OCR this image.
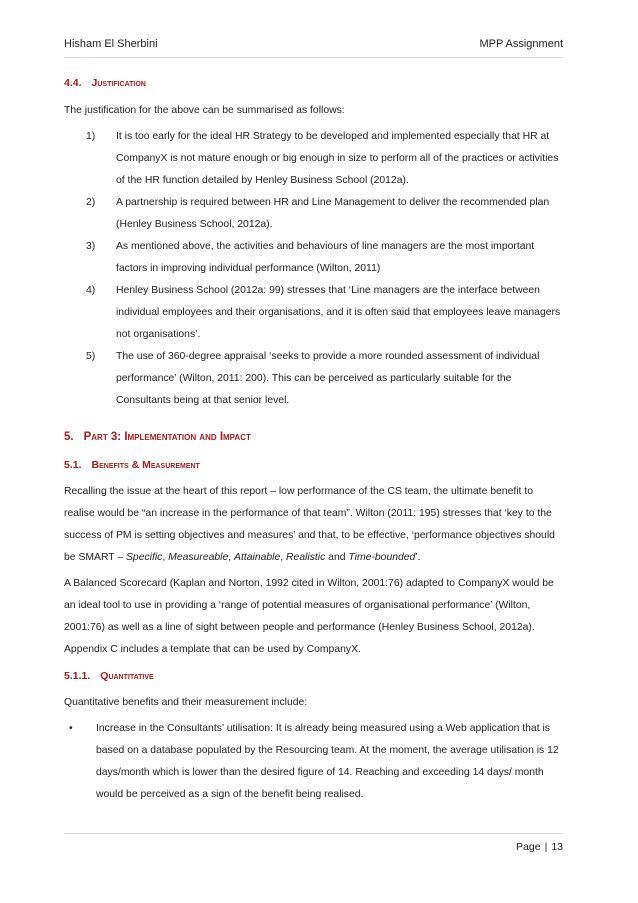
Hisham El Sherbini	MPP Assignment

4.4. Justification

The justification for the above can be summarised as follows:

1) It is too early for the ideal HR Strategy to be developed and implemented especially that HR at CompanyX is not mature enough or big enough in size to perform all of the practices or activities of the HR function detailed by Henley Business School (2012a).
2) A partnership is required between HR and Line Management to deliver the recommended plan (Henley Business School, 2012a).
3) As mentioned above, the activities and behaviours of line managers are the most important factors in improving individual performance (Wilton, 2011)
4) Henley Business School (2012a: 99) stresses that ‘Line managers are the interface between individual employees and their organisations, and it is often said that employees leave managers not organisations’.
5) The use of 360-degree appraisal ‘seeks to provide a more rounded assessment of individual performance’ (Wilton, 2011: 200). This can be perceived as particularly suitable for the Consultants being at that senior level.

5. Part 3: Implementation and Impact

5.1. Benefits & Measurement

Recalling the issue at the heart of this report – low performance of the CS team, the ultimate benefit to realise would be “an increase in the performance of that team”. Wilton (2011: 195) stresses that ‘key to the success of PM is setting objectives and measures’ and that, to be effective, ‘performance objectives should be SMART – Specific, Measureable, Attainable, Realistic and Time-bounded’.

A Balanced Scorecard (Kaplan and Norton, 1992 cited in Wilton, 2001:76) adapted to CompanyX would be an ideal tool to use in providing a ‘range of potential measures of organisational performance’ (Wilton, 2001:76) as well as a line of sight between people and performance (Henley Business School, 2012a). Appendix C includes a template that can be used by CompanyX.

5.1.1. Quantitative

Quantitative benefits and their measurement include:

• Increase in the Consultants’ utilisation: It is already being measured using a Web application that is based on a database populated by the Resourcing team. At the moment, the average utilisation is 12 days/month which is lower than the desired figure of 14. Reaching and exceeding 14 days/ month would be perceived as a sign of the benefit being realised.
Page | 13
